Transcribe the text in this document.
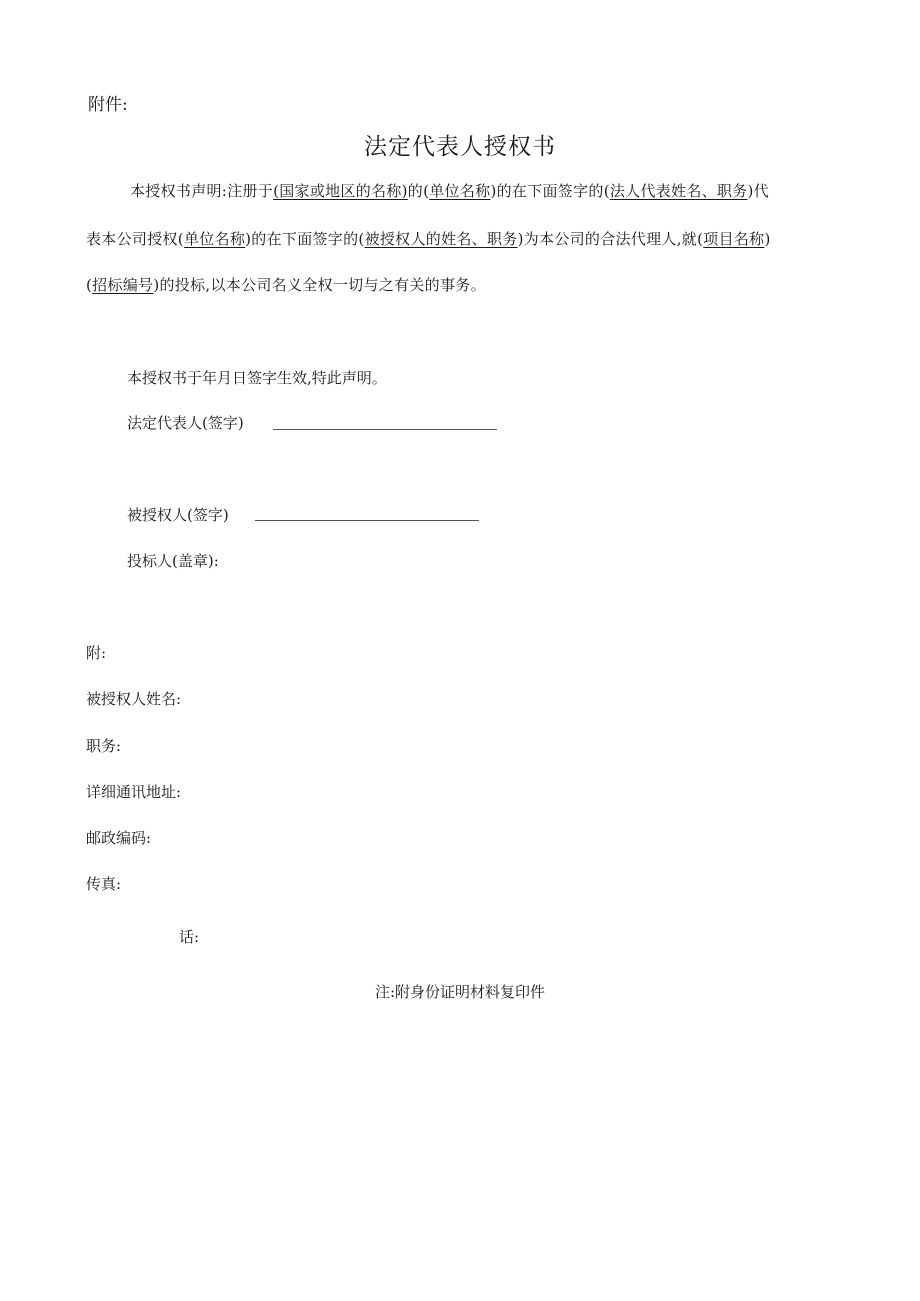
附件:
法定代表人授权书
本授权书声明:注册于(国家或地区的名称)的(单位名称)的在下面签字的(法人代表姓名、职务)代
表本公司授权(单位名称)的在下面签字的(被授权人的姓名、职务)为本公司的合法代理人,就(项目名称)
(招标编号)的投标,以本公司名义全权一切与之有关的事务。
本授权书于年月日签字生效,特此声明。
法定代表人(签字)
被授权人(签字)
投标人(盖章):
附:
被授权人姓名:
职务:
详细通讯地址:
邮政编码:
传真:
话:
注:附身份证明材料复印件
